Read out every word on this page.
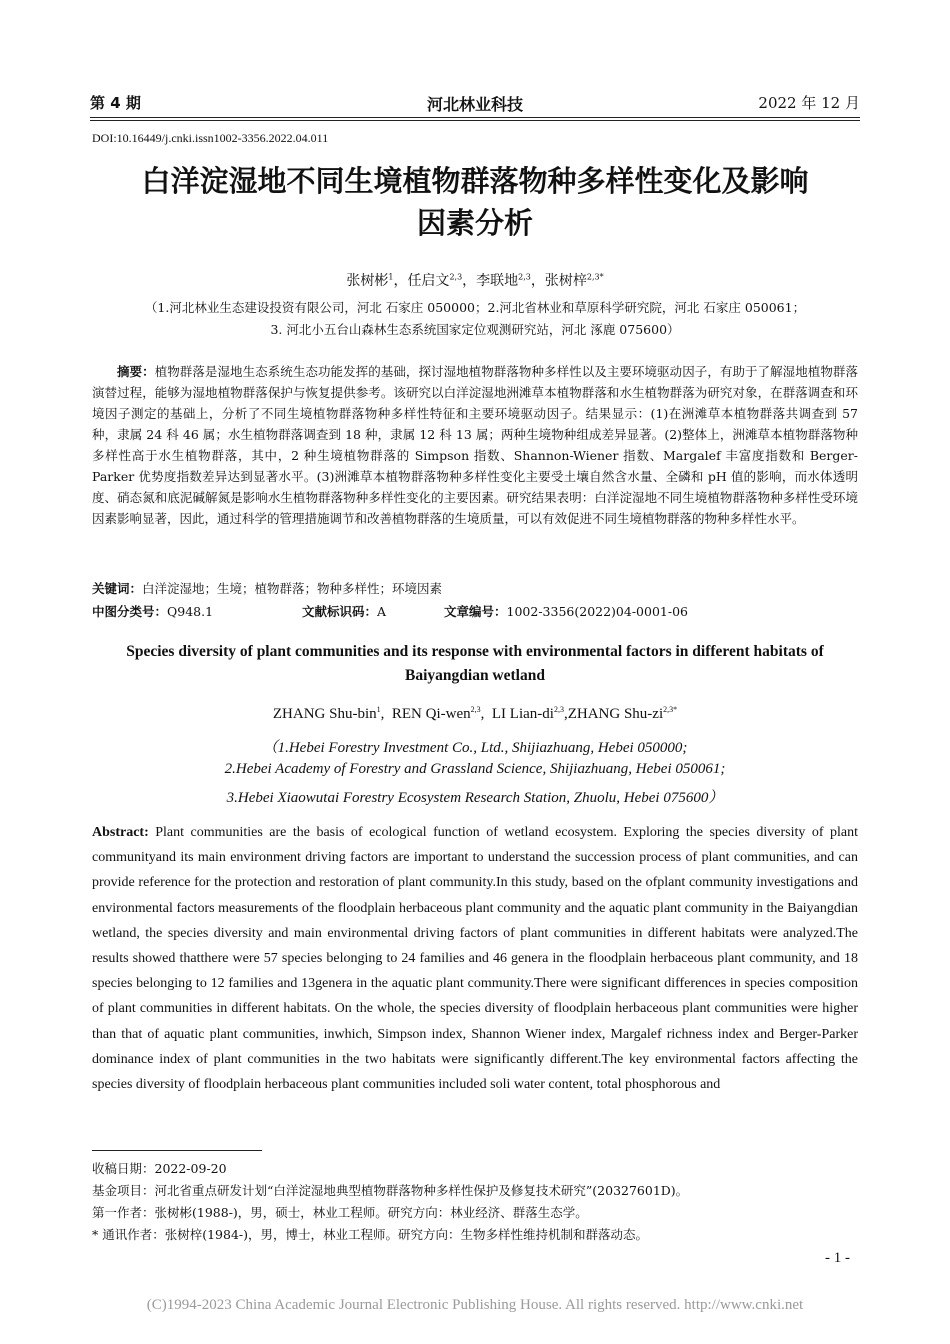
第 4 期	河北林业科技	2022 年 12 月
DOI:10.16449/j.cnki.issn1002-3356.2022.04.011
白洋淀湿地不同生境植物群落物种多样性变化及影响
因素分析
张树彬$^1$，任启文$^{2,3}$，李联地$^{2,3}$，张树梓$^{2,3*}$
（1.河北林业生态建设投资有限公司，河北 石家庄 050000；2.河北省林业和草原科学研究院，河北 石家庄 050061；
3. 河北小五台山森林生态系统国家定位观测研究站，河北 涿鹿 075600）
摘要：植物群落是湿地生态系统生态功能发挥的基础，探讨湿地植物群落物种多样性以及主要环境驱动因子，有助于了解湿地植物群落演替过程，能够为湿地植物群落保护与恢复提供参考。该研究以白洋淀湿地洲滩草本植物群落和水生植物群落为研究对象，在群落调查和环境因子测定的基础上，分析了不同生境植物群落物种多样性特征和主要环境驱动因子。结果显示：(1)在洲滩草本植物群落共调查到 57 种，隶属 24 科 46 属；水生植物群落调查到 18 种，隶属 12 科 13 属；两种生境物种组成差异显著。(2)整体上，洲滩草本植物群落物种多样性高于水生植物群落，其中，2 种生境植物群落的 Simpson 指数、Shannon-Wiener 指数、Margalef 丰富度指数和 Berger-Parker 优势度指数差异达到显著水平。(3)洲滩草本植物群落物种多样性变化主要受土壤自然含水量、全磷和 pH 值的影响，而水体透明度、硝态氮和底泥碱解氮是影响水生植物群落物种多样性变化的主要因素。研究结果表明：白洋淀湿地不同生境植物群落物种多样性受环境因素影响显著，因此，通过科学的管理措施调节和改善植物群落的生境质量，可以有效促进不同生境植物群落的物种多样性水平。
关键词：白洋淀湿地；生境；植物群落；物种多样性；环境因素
中图分类号：Q948.1	文献标识码：A	文章编号：1002-3356(2022)04-0001-06
Species diversity of plant communities and its response with environmental factors in different habitats of
Baiyangdian wetland
ZHANG Shu-bin$^1$,  REN Qi-wen$^{2,3}$,  LI Lian-di$^{2,3}$,ZHANG Shu-$zi^{2,3*}$
（1.Hebei Forestry Investment Co., Ltd., Shijiazhuang, Hebei 050000;
2.Hebei Academy of Forestry and Grassland Science, Shijiazhuang, Hebei 050061;
3.Hebei Xiaowutai Forestry Ecosystem Research Station, Zhuolu, Hebei 075600）
Abstract: Plant communities are the basis of ecological function of wetland ecosystem. Exploring the species diversity of plant communityand its main environment driving factors are important to understand the succession process of plant communities, and can provide reference for the protection and restoration of plant community.In this study, based on the ofplant community investigations and environmental factors measurements of the floodplain herbaceous plant community and the aquatic plant community in the Baiyangdian wetland, the species diversity and main environmental driving factors of plant communities in different habitats were analyzed.The results showed thatthere were 57 species belonging to 24 families and 46 genera in the floodplain herbaceous plant community, and 18 species belonging to 12 families and 13genera in the aquatic plant community.There were significant differences in species composition of plant communities in different habitats. On the whole, the species diversity of floodplain herbaceous plant communities were higher than that of aquatic plant communities, inwhich, Simpson index, Shannon Wiener index, Margalef richness index and Berger-Parker dominance index of plant communities in the two habitats were significantly different.The key environmental factors affecting the species diversity of floodplain herbaceous plant communities included soli water content, total phosphorous and
收稿日期：2022-09-20
基金项目：河北省重点研发计划“白洋淀湿地典型植物群落物种多样性保护及修复技术研究”(20327601D)。
第一作者：张树彬(1988-)，男，硕士，林业工程师。研究方向：林业经济、群落生态学。
* 通讯作者：张树梓(1984-)，男，博士，林业工程师。研究方向：生物多样性维持机制和群落动态。
- 1 -
(C)1994-2023 China Academic Journal Electronic Publishing House. All rights reserved. http://www.cnki.net
